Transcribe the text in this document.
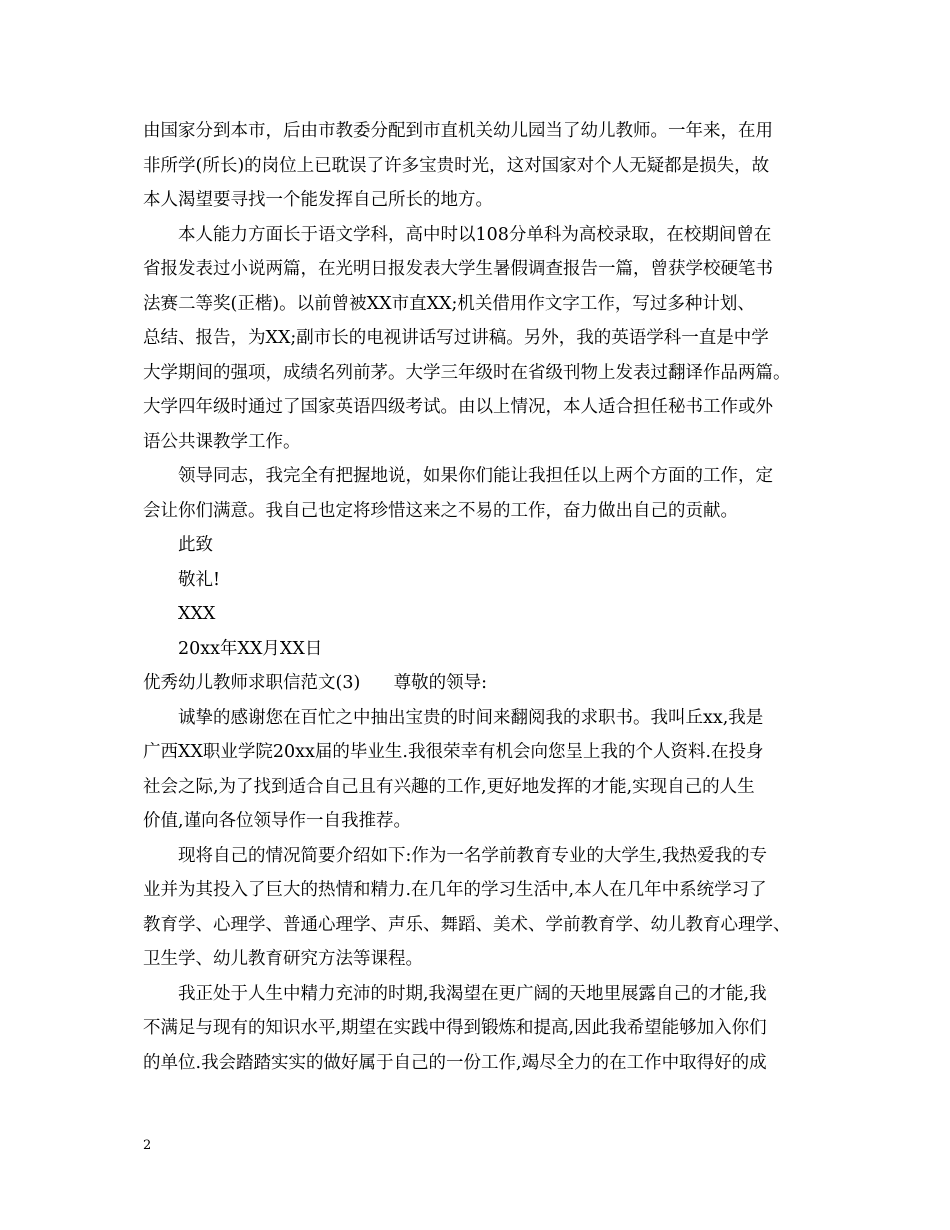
由国家分到本市，后由市教委分配到市直机关幼儿园当了幼儿教师。一年来，在用
非所学(所长)的岗位上已耽误了许多宝贵时光，这对国家对个人无疑都是损失，故
本人渴望要寻找一个能发挥自己所长的地方。
本人能力方面长于语文学科，高中时以108分单科为高校录取，在校期间曾在
省报发表过小说两篇，在光明日报发表大学生暑假调查报告一篇，曾获学校硬笔书
法赛二等奖(正楷)。以前曾被XX市直XX;机关借用作文字工作，写过多种计划、
总结、报告，为XX;副市长的电视讲话写过讲稿。另外，我的英语学科一直是中学
大学期间的强项，成绩名列前茅。大学三年级时在省级刊物上发表过翻译作品两篇。
大学四年级时通过了国家英语四级考试。由以上情况，本人适合担任秘书工作或外
语公共课教学工作。
领导同志，我完全有把握地说，如果你们能让我担任以上两个方面的工作，定
会让你们满意。我自己也定将珍惜这来之不易的工作，奋力做出自己的贡献。
此致
敬礼!
XXX
20xx年XX月XX日
优秀幼儿教师求职信范文(3)      尊敬的领导:
诚挚的感谢您在百忙之中抽出宝贵的时间来翻阅我的求职书。我叫丘xx,我是
广西XX职业学院20xx届的毕业生.我很荣幸有机会向您呈上我的个人资料.在投身
社会之际,为了找到适合自己且有兴趣的工作,更好地发挥的才能,实现自己的人生
价值,谨向各位领导作一自我推荐。
现将自己的情况简要介绍如下:作为一名学前教育专业的大学生,我热爱我的专
业并为其投入了巨大的热情和精力.在几年的学习生活中,本人在几年中系统学习了
教育学、心理学、普通心理学、声乐、舞蹈、美术、学前教育学、幼儿教育心理学、
卫生学、幼儿教育研究方法等课程。
我正处于人生中精力充沛的时期,我渴望在更广阔的天地里展露自己的才能,我
不满足与现有的知识水平,期望在实践中得到锻炼和提高,因此我希望能够加入你们
的单位.我会踏踏实实的做好属于自己的一份工作,竭尽全力的在工作中取得好的成
2
